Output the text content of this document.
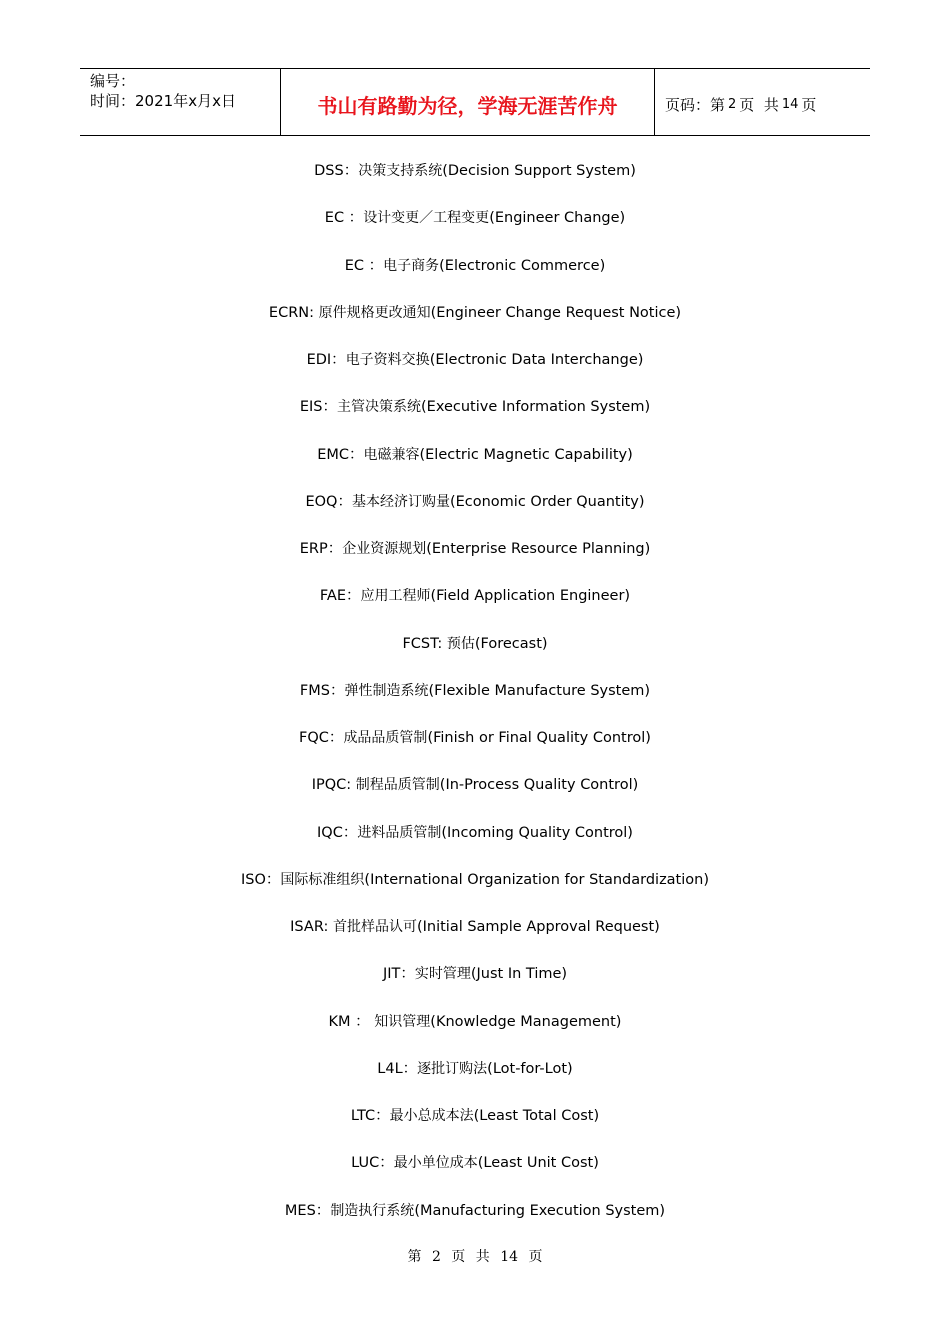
编号：
时间：2021年x月x日	书山有路勤为径，学海无涯苦作舟	页码：第 2 页
共 14 页
DSS：决策支持系统(Decision Support System)
EC ：设计变更／工程变更(Engineer Change)
EC ：电子商务(Electronic Commerce)
ECRN: 原件规格更改通知(Engineer Change Request Notice)
EDI：电子资料交换(Electronic Data Interchange)
EIS：主管决策系统(Executive Information System)
EMC：电磁兼容(Electric Magnetic Capability)
EOQ：基本经济订购量(Economic Order Quantity)
ERP：企业资源规划(Enterprise Resource Planning)
FAE：应用工程师(Field Application Engineer)
FCST: 预估(Forecast)
FMS：弹性制造系统(Flexible Manufacture System)
FQC：成品品质管制(Finish or Final Quality Control)
IPQC: 制程品质管制(In-Process Quality Control)
IQC：进料品质管制(Incoming Quality Control)
ISO：国际标准组织(International Organization for Standardization)
ISAR: 首批样品认可(Initial Sample Approval Request)
JIT：实时管理(Just In Time)
KM ： 知识管理(Knowledge Management)
L4L：逐批订购法(Lot-for-Lot)
LTC：最小总成本法(Least Total Cost)
LUC：最小单位成本(Least Unit Cost)
MES：制造执行系统(Manufacturing Execution System)
第 2 页 共 14 页
